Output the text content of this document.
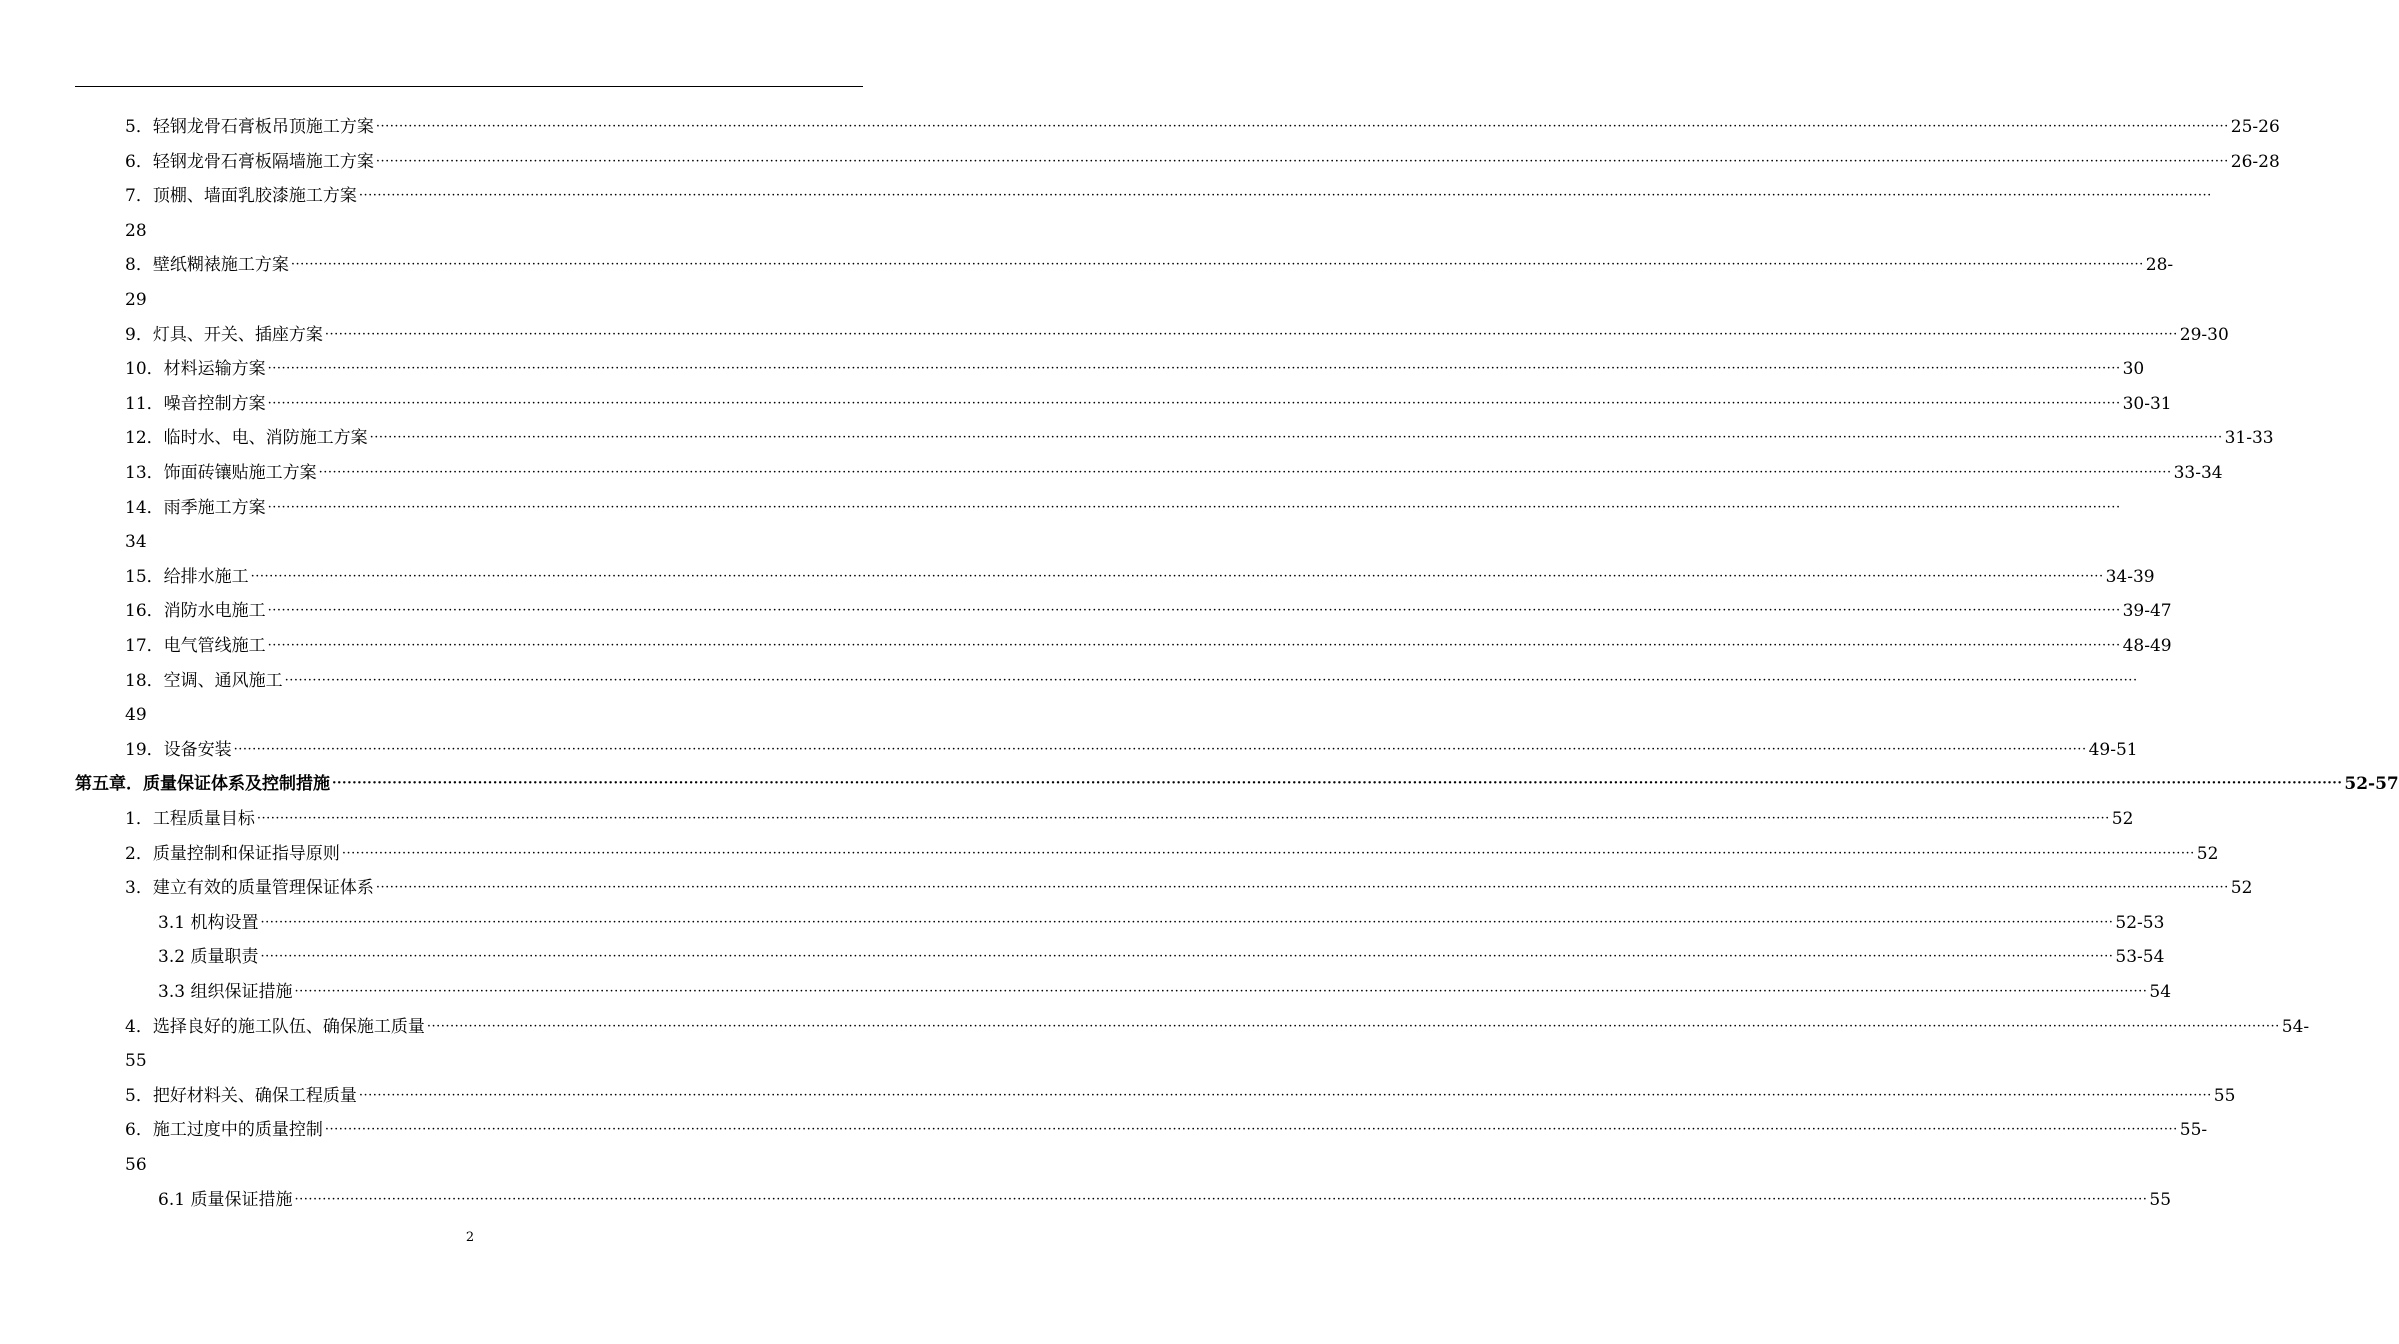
5．轻钢龙骨石膏板吊顶施工方案 ················································································································································································································································································································································································································ 25-26
6．轻钢龙骨石膏板隔墙施工方案 ················································································································································································································································································································································································································ 26-28
7．顶棚、墙面乳胶漆施工方案 ················································································································································································································································································································································································································
28
8．壁纸糊裱施工方案 ················································································································································································································································································································································································································ 28-
29
9．灯具、开关、插座方案 ················································································································································································································································································································································································································ 29-30
10．材料运输方案 ················································································································································································································································································································································································································ 30
11．噪音控制方案 ················································································································································································································································································································································································································ 30-31
12．临时水、电、消防施工方案 ················································································································································································································································································································································································································ 31-33
13．饰面砖镶贴施工方案 ················································································································································································································································································································································································································ 33-34
14．雨季施工方案 ················································································································································································································································································································································································································
34
15．给排水施工 ················································································································································································································································································································································································································ 34-39
16．消防水电施工 ················································································································································································································································································································································································································ 39-47
17．电气管线施工 ················································································································································································································································································································································································································ 48-49
18．空调、通风施工 ················································································································································································································································································································································································································
49
19．设备安装 ················································································································································································································································································································································································································ 49-51
第五章．质量保证体系及控制措施 ················································································································································································································································································································································································································ 52-57
1．工程质量目标 ················································································································································································································································································································································································································ 52
2．质量控制和保证指导原则 ················································································································································································································································································································································································································ 52
3．建立有效的质量管理保证体系 ················································································································································································································································································································································································································ 52
3.1 机构设置 ················································································································································································································································································································································································································ 52-53
3.2 质量职责 ················································································································································································································································································································································································································ 53-54
3.3 组织保证措施 ················································································································································································································································································································································································································ 54
4．选择良好的施工队伍、确保施工质量 ················································································································································································································································································································································································································ 54-
55
5．把好材料关、确保工程质量 ················································································································································································································································································································································································································ 55
6．施工过度中的质量控制 ················································································································································································································································································································································································································ 55-
56
6.1 质量保证措施 ················································································································································································································································································································································································································ 55
2
